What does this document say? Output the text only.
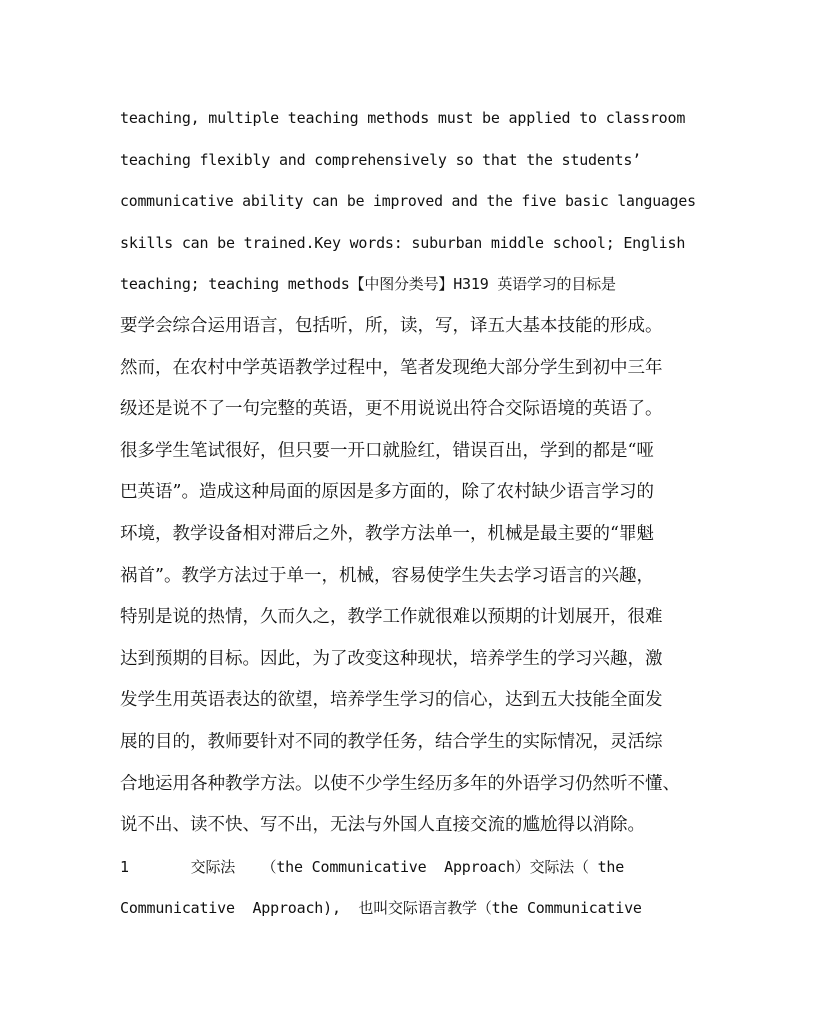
teaching, multiple teaching methods must be applied to classroom
teaching flexibly and comprehensively so that the students’
communicative ability can be improved and the five basic languages
skills can be trained.Key words: suburban middle school; English
teaching; teaching methods【中图分类号】H319 英语学习的目标是
要学会综合运用语言，包括听，所，读，写，译五大基本技能的形成。
然而，在农村中学英语教学过程中，笔者发现绝大部分学生到初中三年
级还是说不了一句完整的英语，更不用说说出符合交际语境的英语了。
很多学生笔试很好，但只要一开口就脸红，错误百出，学到的都是“哑
巴英语”。造成这种局面的原因是多方面的，除了农村缺少语言学习的
环境，教学设备相对滞后之外，教学方法单一，机械是最主要的“罪魁
祸首”。教学方法过于单一，机械，容易使学生失去学习语言的兴趣，
特别是说的热情，久而久之，教学工作就很难以预期的计划展开，很难
达到预期的目标。因此，为了改变这种现状，培养学生的学习兴趣，激
发学生用英语表达的欲望，培养学生学习的信心，达到五大技能全面发
展的目的，教师要针对不同的教学任务，结合学生的实际情况，灵活综
合地运用各种教学方法。以使不少学生经历多年的外语学习仍然听不懂、
说不出、读不快、写不出，无法与外国人直接交流的尴尬得以消除。
1       交际法   （the Communicative  Approach）交际法（ the
Communicative  Approach),  也叫交际语言教学（the Communicative
